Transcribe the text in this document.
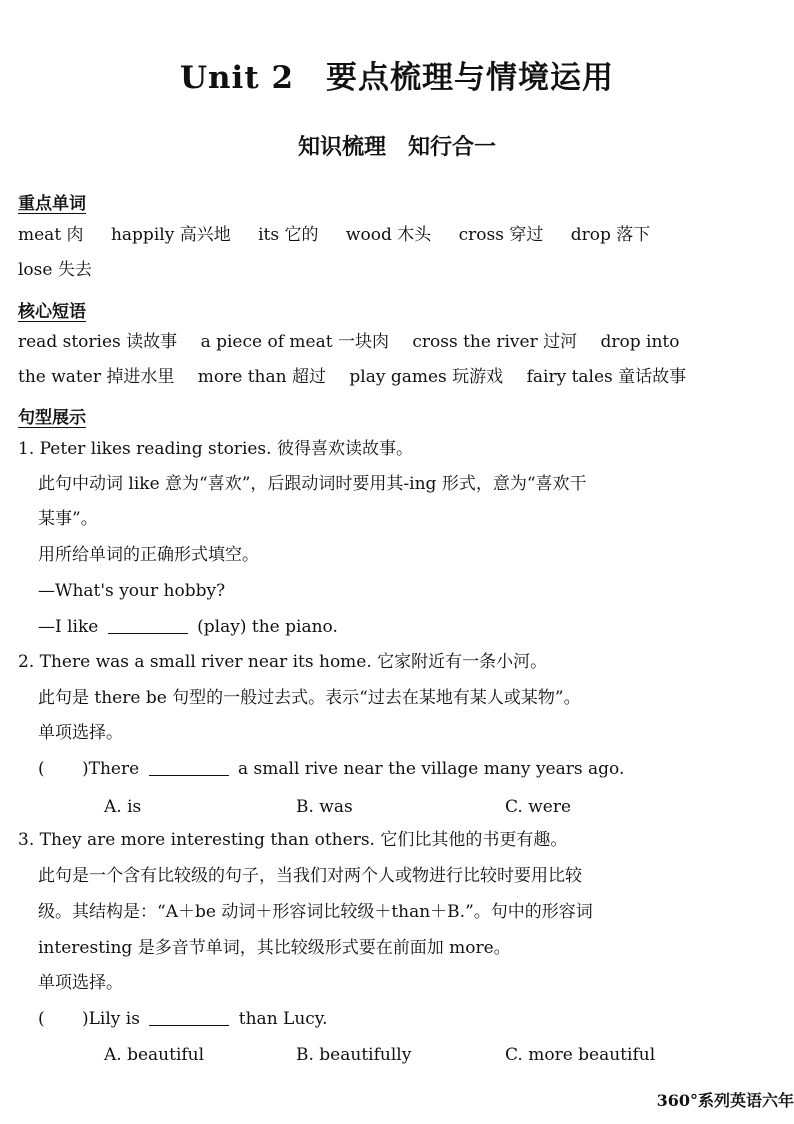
Unit 2　要点梳理与情境运用
知识梳理　知行合一
重点单词
meat 肉 happily 高兴地 its 它的 wood 木头 cross 穿过 drop 落下
lose 失去
核心短语
read stories 读故事 a piece of meat 一块肉 cross the river 过河 drop into
the water 掉进水里 more than 超过 play games 玩游戏 fairy tales 童话故事
句型展示
1. Peter likes reading stories. 彼得喜欢读故事。
此句中动词 like 意为“喜欢”，后跟动词时要用其-ing 形式，意为“喜欢干
某事”。
用所给单词的正确形式填空。
—What's your hobby?
—I like	(play) the piano.
2. There was a small river near its home. 它家附近有一条小河。
此句是 there be 句型的一般过去式。表示“过去在某地有某人或某物”。
单项选择。
( )There	a small rive near the village many years ago.
A. is	B. was	C. were
3. They are more interesting than others. 它们比其他的书更有趣。
此句是一个含有比较级的句子，当我们对两个人或物进行比较时要用比较
级。其结构是：“A＋be 动词＋形容词比较级＋than＋B.”。句中的形容词
interesting 是多音节单词，其比较级形式要在前面加 more。
单项选择。
( )Lily is	than Lucy.
A. beautiful	B. beautifully	C. more beautiful
360°系列英语六年
